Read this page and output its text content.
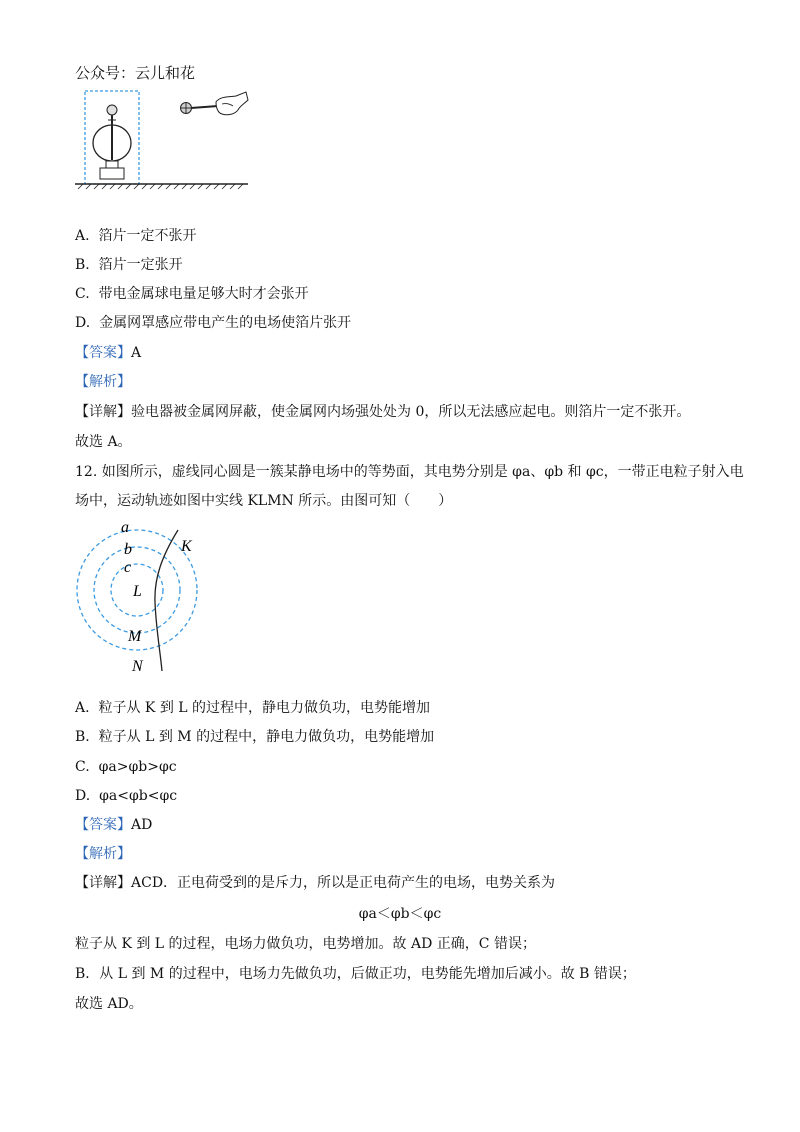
公众号：云儿和花
A. 箔片一定不张开
B. 箔片一定张开
C. 带电金属球电量足够大时才会张开
D. 金属网罩感应带电产生的电场使箔片张开
【答案】A
【解析】
【详解】验电器被金属网屏蔽，使金属网内场强处处为 0，所以无法感应起电。则箔片一定不张开。
故选 A。
12. 如图所示，虚线同心圆是一簇某静电场中的等势面，其电势分别是 φa、φb 和 φc，一带正电粒子射入电
场中，运动轨迹如图中实线 KLMN 所示。由图可知（　　）
a
b
c
K
L
M
N
A. 粒子从 K 到 L 的过程中，静电力做负功，电势能增加
B. 粒子从 L 到 M 的过程中，静电力做负功，电势能增加
C. φa>φb>φc
D. φa<φb<φc
【答案】AD
【解析】
【详解】ACD．正电荷受到的是斥力，所以是正电荷产生的电场，电势关系为
φa＜φb＜φc
粒子从 K 到 L 的过程，电场力做负功，电势增加。故 AD 正确，C 错误；
B．从 L 到 M 的过程中，电场力先做负功，后做正功，电势能先增加后减小。故 B 错误；
故选 AD。
